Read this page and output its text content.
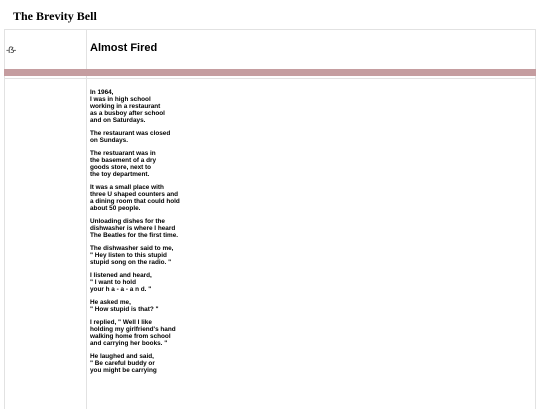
The Brevity Bell
-ẞ-	Almost Fired

In 1964,
I was in high school
working in a restaurant
as a busboy after school
and on Saturdays.

The restaurant was closed
on Sundays.

The restuarant was in
the basement of a dry
goods store, next to
the toy department.

It was a small place with
three U shaped counters and
a dining room that could hold
about 50 people.

Unloading dishes for the
dishwasher is where I heard
The Beatles for the first time.

The dishwasher said to me,
" Hey listen to this stupid
stupid song on the radio. "

I listened and heard,
" I want to hold
your h a - a - a n d. "

He asked me,
" How stupid is that? "

I replied, " Well I like
holding my girlfriend's hand
walking home from school
and carrying her books. "

He laughed and said,
" Be careful buddy or
you might be carrying
